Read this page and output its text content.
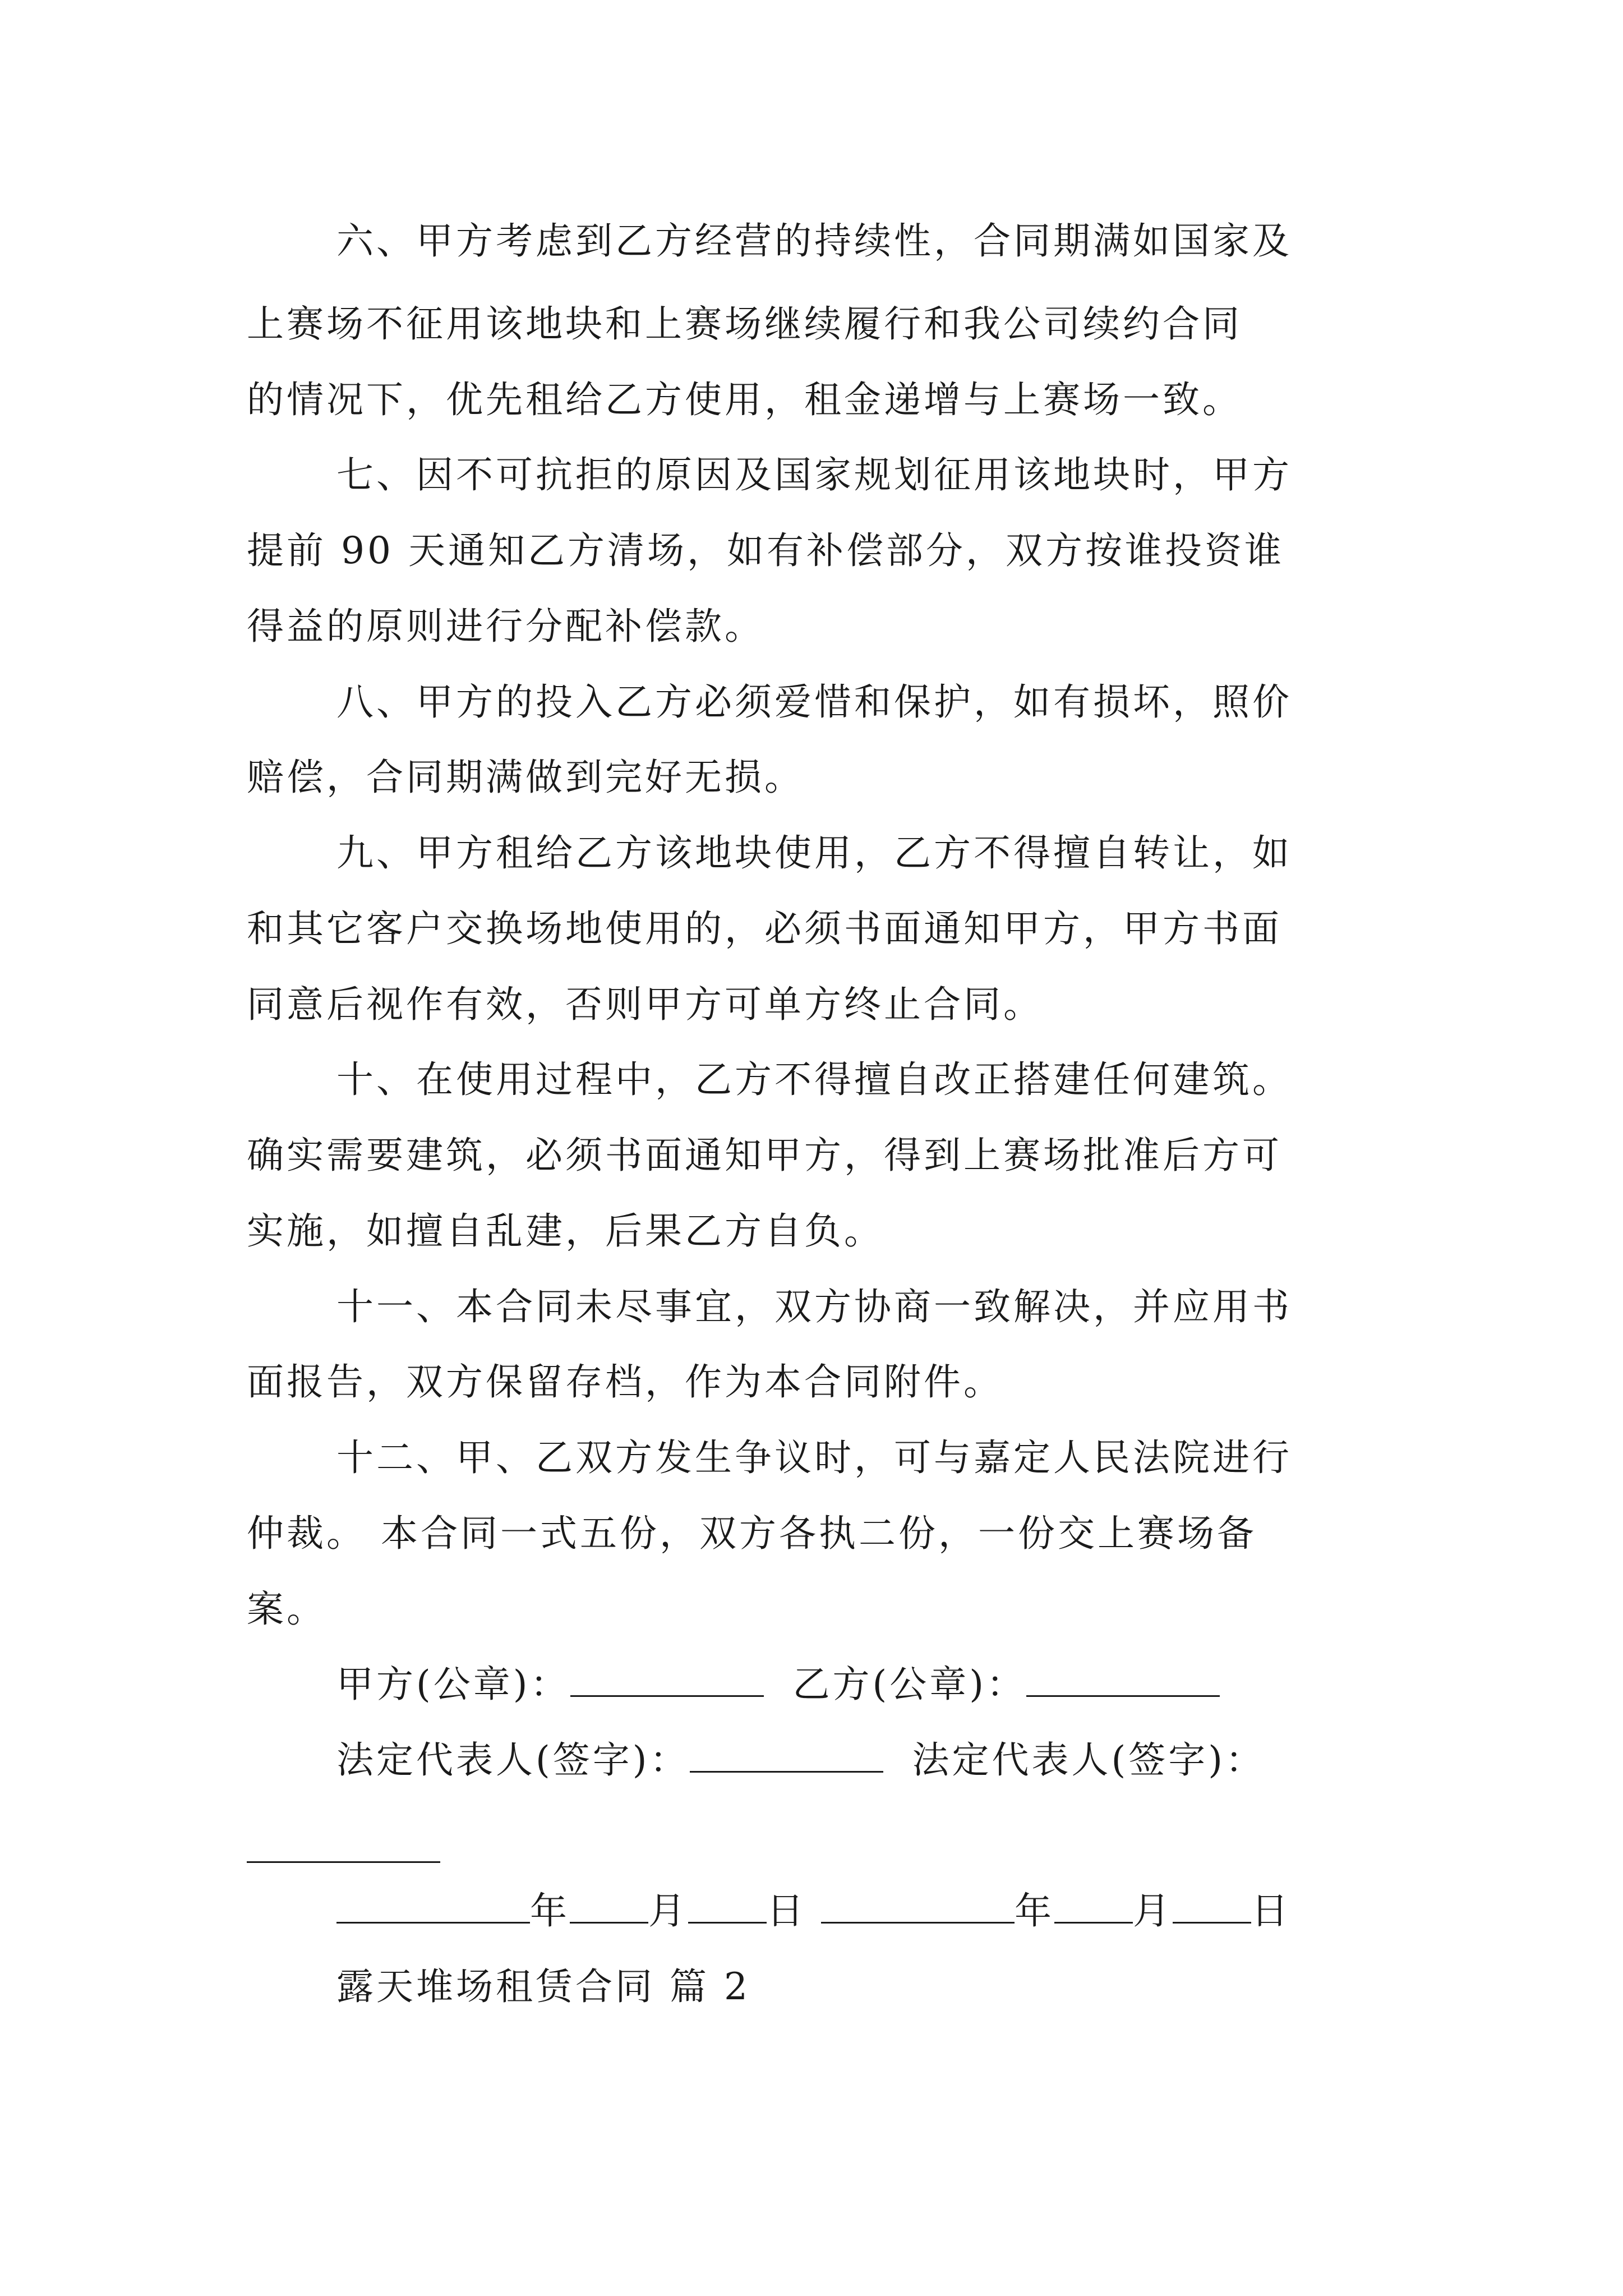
六、甲方考虑到乙方经营的持续性，合同期满如国家及
上赛场不征用该地块和上赛场继续履行和我公司续约合同
的情况下，优先租给乙方使用，租金递增与上赛场一致。
七、因不可抗拒的原因及国家规划征用该地块时，甲方
提前 90 天通知乙方清场，如有补偿部分，双方按谁投资谁
得益的原则进行分配补偿款。
八、甲方的投入乙方必须爱惜和保护，如有损坏，照价
赔偿，合同期满做到完好无损。
九、甲方租给乙方该地块使用，乙方不得擅自转让，如
和其它客户交换场地使用的，必须书面通知甲方，甲方书面
同意后视作有效，否则甲方可单方终止合同。
十、在使用过程中，乙方不得擅自改正搭建任何建筑。
确实需要建筑，必须书面通知甲方，得到上赛场批准后方可
实施，如擅自乱建，后果乙方自负。
十一、本合同未尽事宜，双方协商一致解决，并应用书
面报告，双方保留存档，作为本合同附件。
十二、甲、乙双方发生争议时，可与嘉定人民法院进行
仲裁。 本合同一式五份，双方各执二份，一份交上赛场备
案。
甲方(公章)：	乙方(公章)：
法定代表人(签字)：	法定代表人(签字)：
年 月 日	年 月 日
露天堆场租赁合同 篇 2
